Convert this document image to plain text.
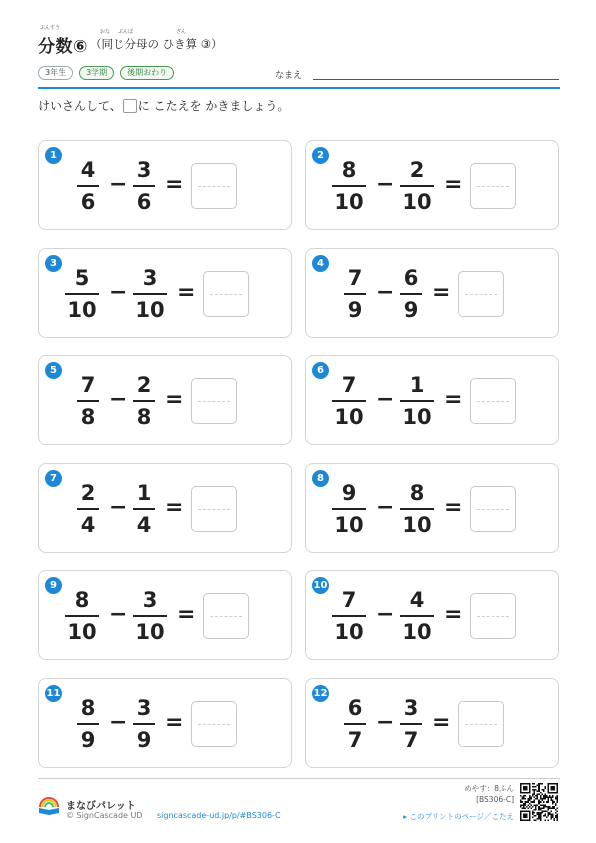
ぶんすう
分数⑥
おな ぶんぼ	ざん
（同じ分母の ひき算 ③）
3年生	3学期	後期おわり	なまえ
けいさんして、 に こたえを かきましょう。
1
4
6
−
3
6
=
2
8
10
−
2
10
=
3
5
10
−
3
10
=
4
7
9
−
6
9
=
5
7
8
−
2
8
=
6
7
10
−
1
10
=
7
2
4
−
1
4
=
8
9
10
−
8
10
=
9
8
10
−
3
10
=
10
7
10
−
4
10
=
11
8
9
−
3
9
=
12
6
7
−
3
7
=
まなびパレット
© SignCascade UD signcascade-ud.jp/p/#BS306-C
めやす：8ふん
[BS306-C]
▸ このプリントのページ／こたえ
